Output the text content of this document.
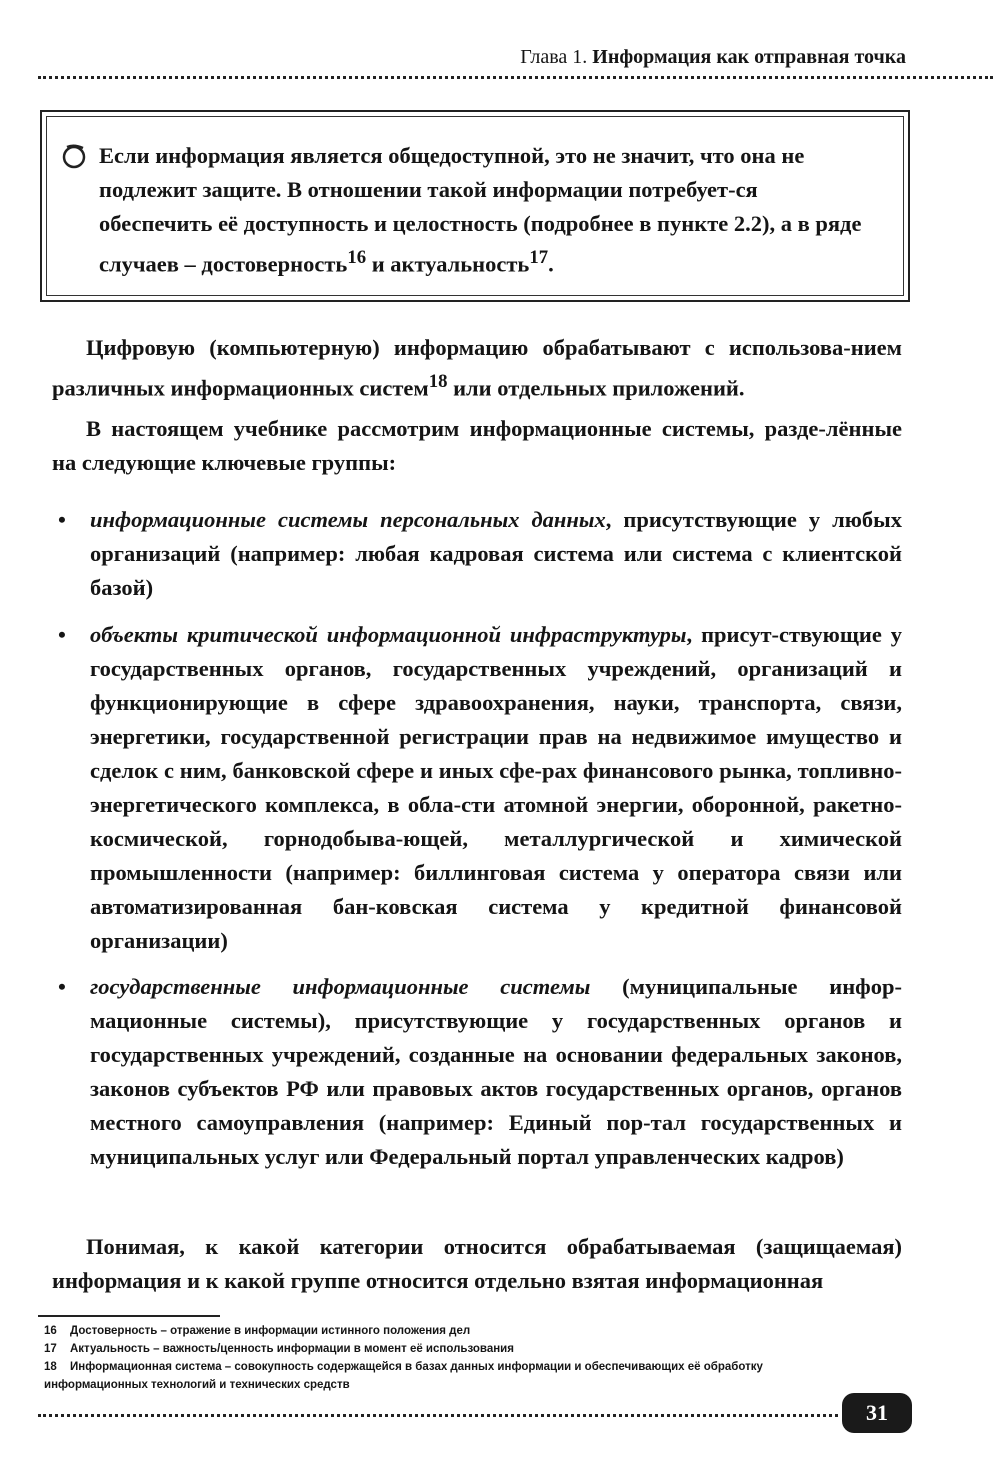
Глава 1. Информация как отправная точка
Если информация является общедоступной, это не значит, что она не подлежит защите. В отношении такой информации потребует-ся обеспечить её доступность и целостность (подробнее в пункте 2.2), а в ряде случаев – достоверность$^{16}$ и актуальность$^{17}$.
Цифровую (компьютерную) информацию обрабатывают с использова-нием различных информационных систем$^{18}$ или отдельных приложений.
В настоящем учебнике рассмотрим информационные системы, разде-лённые на следующие ключевые группы:
•	информационные системы персональных данных, присутствующие у любых организаций (например: любая кадровая система или система с клиентской базой)
•	объекты критической информационной инфраструктуры, присут-ствующие у государственных органов, государственных учреждений, организаций и функционирующие в сфере здравоохранения, науки, транспорта, связи, энергетики, государственной регистрации прав на недвижимое имущество и сделок с ним, банковской сфере и иных сфе-рах финансового рынка, топливно-энергетического комплекса, в обла-сти атомной энергии, оборонной, ракетно-космической, горнодобыва-ющей, металлургической и химической промышленности (например: биллинговая система у оператора связи или автоматизированная бан-ковская система у кредитной финансовой организации)
•	государственные информационные системы (муниципальные инфор-мационные системы), присутствующие у государственных органов и государственных учреждений, созданные на основании федеральных законов, законов субъектов РФ или правовых актов государственных органов, органов местного самоуправления (например: Единый пор-тал государственных и муниципальных услуг или Федеральный портал управленческих кадров)
Понимая, к какой категории относится обрабатываемая (защищаемая) информация и к какой группе относится отдельно взятая информационная
16 Достоверность – отражение в информации истинного положения дел
17 Актуальность – важность/ценность информации в момент её использования
18 Информационная система – совокупность содержащейся в базах данных информации и обеспечивающих её обработку информационных технологий и технических средств
31
